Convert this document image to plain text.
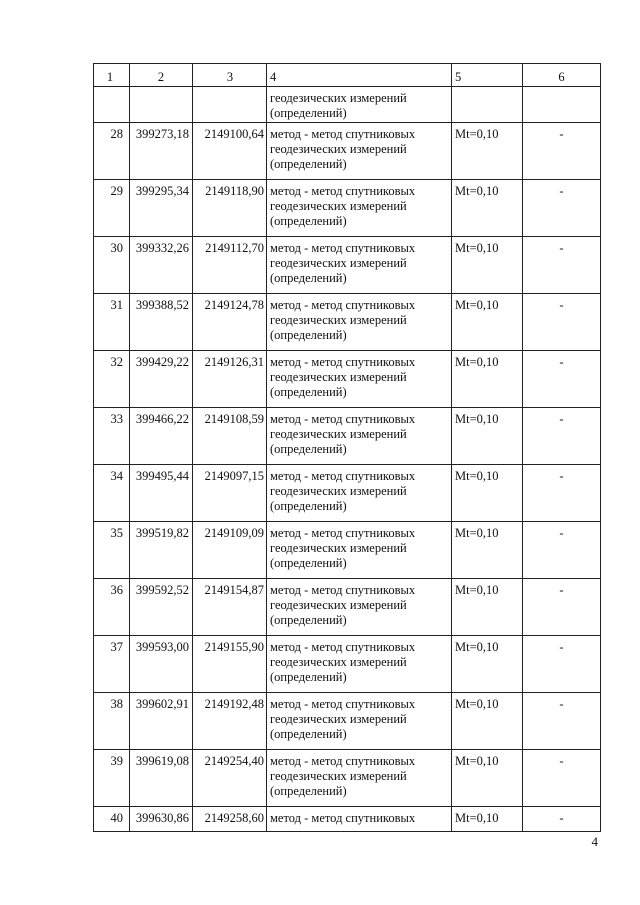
1	2	3	4	5	6
			геодезических измерений (определений)		
28	399273,18	2149100,64	метод - метод спутниковых геодезических измерений (определений)	Mt=0,10	-
29	399295,34	2149118,90	метод - метод спутниковых геодезических измерений (определений)	Mt=0,10	-
30	399332,26	2149112,70	метод - метод спутниковых геодезических измерений (определений)	Mt=0,10	-
31	399388,52	2149124,78	метод - метод спутниковых геодезических измерений (определений)	Mt=0,10	-
32	399429,22	2149126,31	метод - метод спутниковых геодезических измерений (определений)	Mt=0,10	-
33	399466,22	2149108,59	метод - метод спутниковых геодезических измерений (определений)	Mt=0,10	-
34	399495,44	2149097,15	метод - метод спутниковых геодезических измерений (определений)	Mt=0,10	-
35	399519,82	2149109,09	метод - метод спутниковых геодезических измерений (определений)	Mt=0,10	-
36	399592,52	2149154,87	метод - метод спутниковых геодезических измерений (определений)	Mt=0,10	-
37	399593,00	2149155,90	метод - метод спутниковых геодезических измерений (определений)	Mt=0,10	-
38	399602,91	2149192,48	метод - метод спутниковых геодезических измерений (определений)	Mt=0,10	-
39	399619,08	2149254,40	метод - метод спутниковых геодезических измерений (определений)	Mt=0,10	-
40	399630,86	2149258,60	метод - метод спутниковых	Mt=0,10	-
4
